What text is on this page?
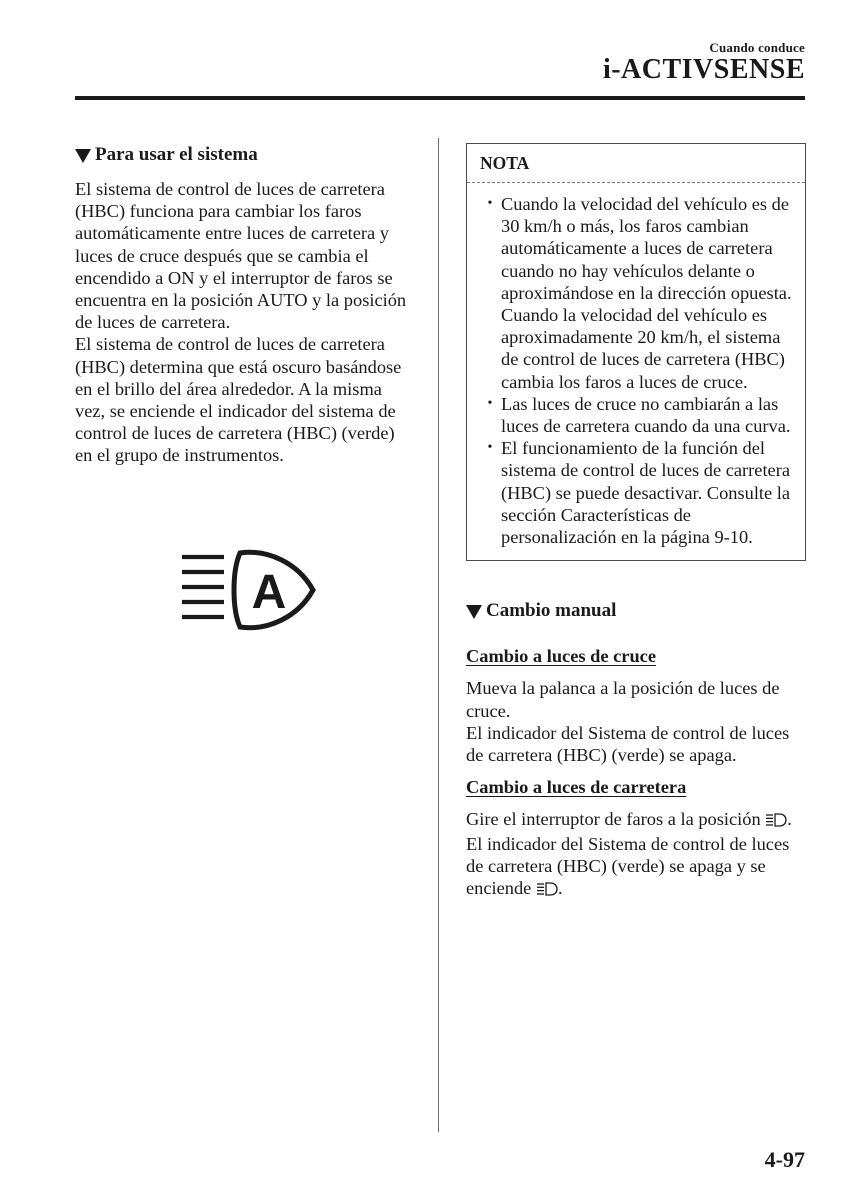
Cuando conduce
i-ACTIVSENSE
Para usar el sistema

El sistema de control de luces de carretera (HBC) funciona para cambiar los faros automáticamente entre luces de carretera y luces de cruce después que se cambia el encendido a ON y el interruptor de faros se encuentra en la posición AUTO y la posición de luces de carretera.

El sistema de control de luces de carretera (HBC) determina que está oscuro basándose en el brillo del área alrededor. A la misma vez, se enciende el indicador del sistema de control de luces de carretera (HBC) (verde) en el grupo de instrumentos.

A
NOTA
• Cuando la velocidad del vehículo es de 30 km/h o más, los faros cambian automáticamente a luces de carretera cuando no hay vehículos delante o aproximándose en la dirección opuesta.

Cuando la velocidad del vehículo es aproximadamente 20 km/h, el sistema de control de luces de carretera (HBC) cambia los faros a luces de cruce.

• Las luces de cruce no cambiarán a las luces de carretera cuando da una curva.

• El funcionamiento de la función del sistema de control de luces de carretera (HBC) se puede desactivar. Consulte la sección Características de personalización en la página 9-10.

Cambio manual

Cambio a luces de cruce

Mueva la palanca a la posición de luces de cruce.

El indicador del Sistema de control de luces de carretera (HBC) (verde) se apaga.

Cambio a luces de carretera

Gire el interruptor de faros a la posición .

El indicador del Sistema de control de luces de carretera (HBC) (verde) se apaga y se enciende .

4-97
